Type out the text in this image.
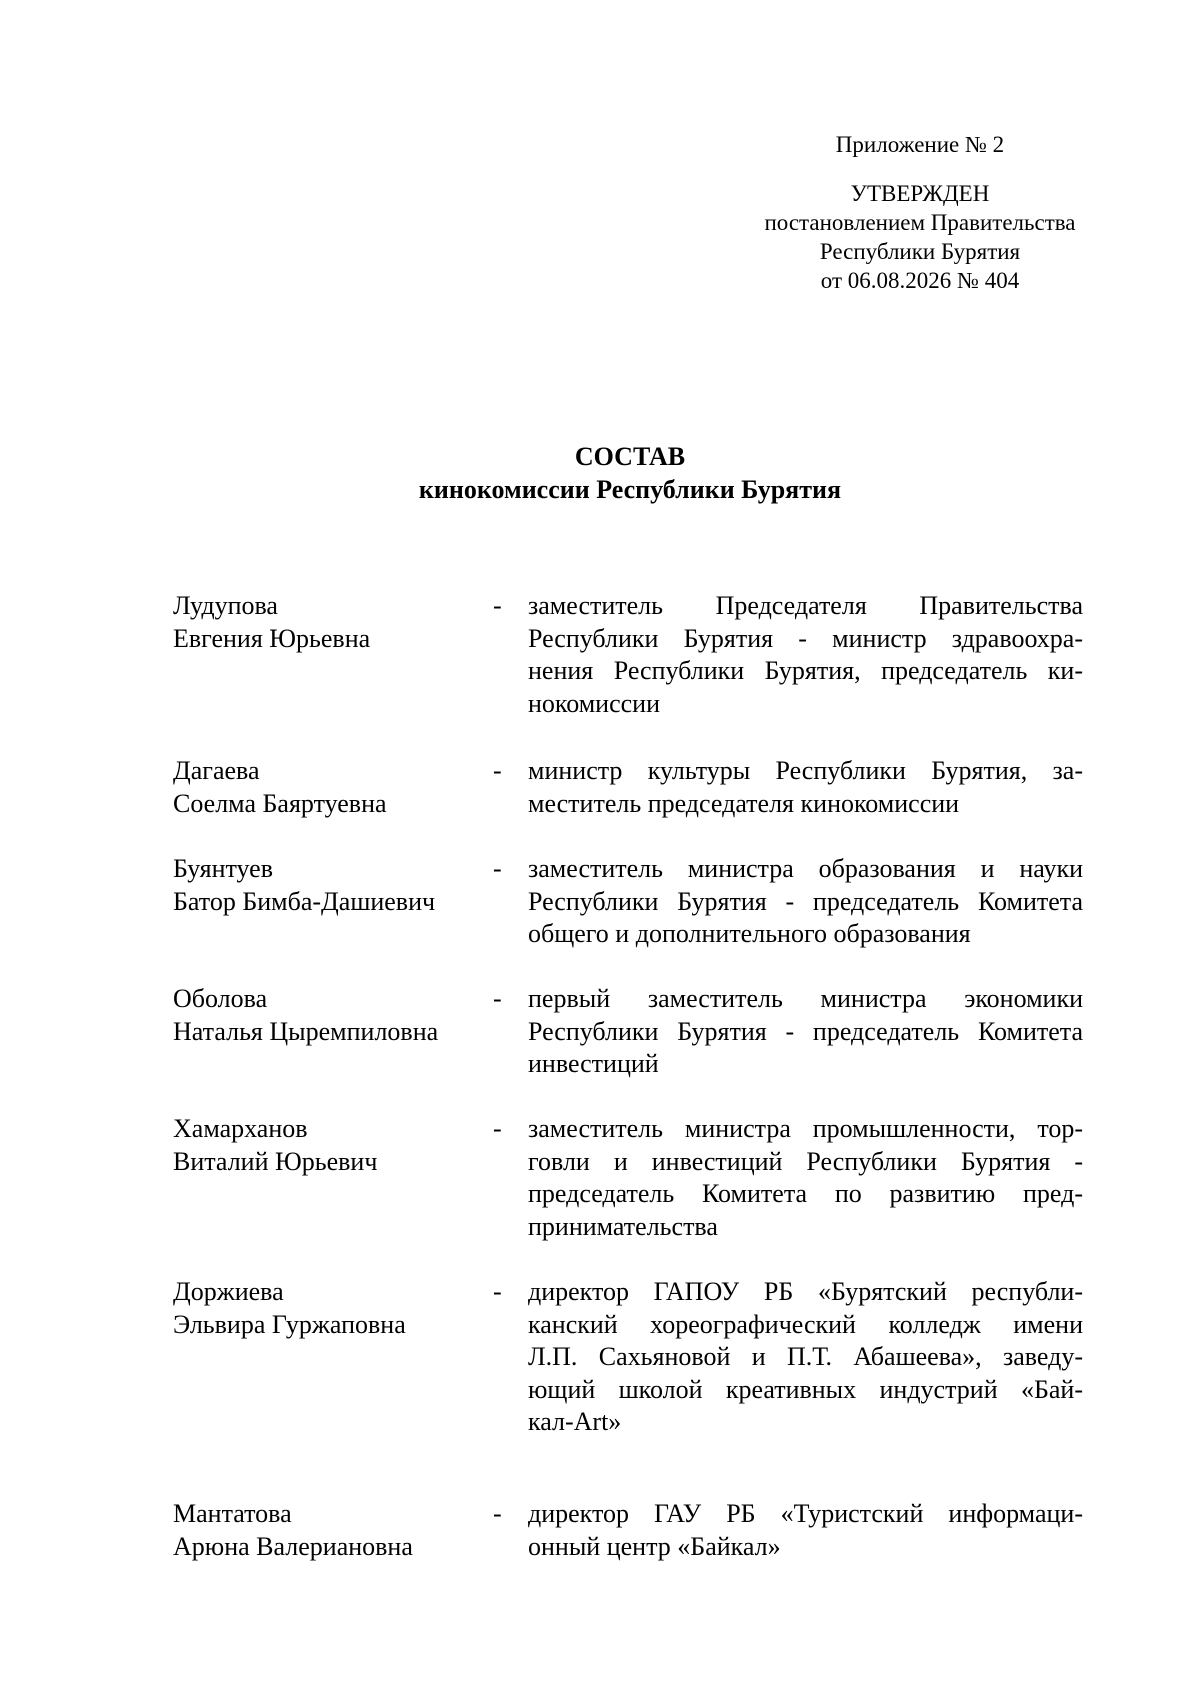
Приложение № 2
УТВЕРЖДЕН
постановлением Правительства
Республики Бурятия
от 06.08.2026 № 404
СОСТАВ
кинокомиссии Республики Бурятия
Лудупова
Евгения Юрьевна
- заместитель Председателя Правительства
Республики Бурятия - министр здравоохра-
нения Республики Бурятия, председатель ки-
нокомиссии
Дагаева
Соелма Баяртуевна
- министр культуры Республики Бурятия, за-
меститель председателя кинокомиссии
Буянтуев
Батор Бимба-Дашиевич
- заместитель министра образования и науки
Республики Бурятия - председатель Комитета
общего и дополнительного образования
Оболова
Наталья Цыремпиловна
- первый заместитель министра экономики
Республики Бурятия - председатель Комитета
инвестиций
Хамарханов
Виталий Юрьевич
- заместитель министра промышленности, тор-
говли и инвестиций Республики Бурятия -
председатель Комитета по развитию пред-
принимательства
Доржиева
Эльвира Гуржаповна
- директор ГАПОУ РБ «Бурятский республи-
канский хореографический колледж имени
Л.П. Сахьяновой и П.Т. Абашеева», заведу-
ющий школой креативных индустрий «Бай-
кал-Art»
Мантатова
Арюна Валериановна
- директор ГАУ РБ «Туристский информаци-
онный центр «Байкал»
